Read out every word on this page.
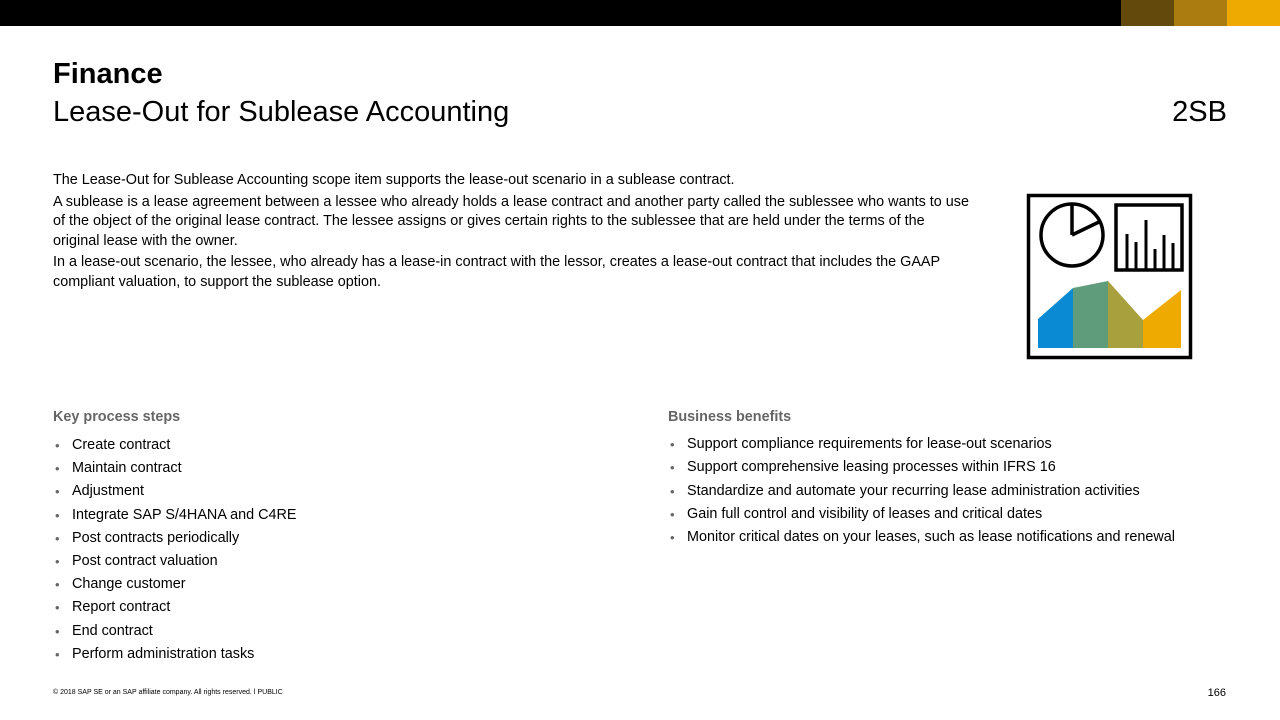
Finance
Lease-Out for Sublease Accounting	2SB

The Lease-Out for Sublease Accounting scope item supports the lease-out scenario in a sublease contract.

A sublease is a lease agreement between a lessee who already holds a lease contract and another party called the sublessee who wants to use of the object of the original lease contract. The lessee assigns or gives certain rights to the sublessee that are held under the terms of the original lease with the owner.

In a lease-out scenario, the lessee, who already has a lease-in contract with the lessor, creates a lease-out contract that includes the GAAP compliant valuation, to support the sublease option.

Key process steps
• Create contract
• Maintain contract
• Adjustment
• Integrate SAP S/4HANA and C4RE
• Post contracts periodically
• Post contract valuation
• Change customer
• Report contract
• End contract
• Perform administration tasks
Business benefits
• Support compliance requirements for lease-out scenarios
• Support comprehensive leasing processes within IFRS 16
• Standardize and automate your recurring lease administration activities
• Gain full control and visibility of leases and critical dates
• Monitor critical dates on your leases, such as lease notifications and renewal
© 2018 SAP SE or an SAP affiliate company. All rights reserved. ǀ PUBLIC	166
